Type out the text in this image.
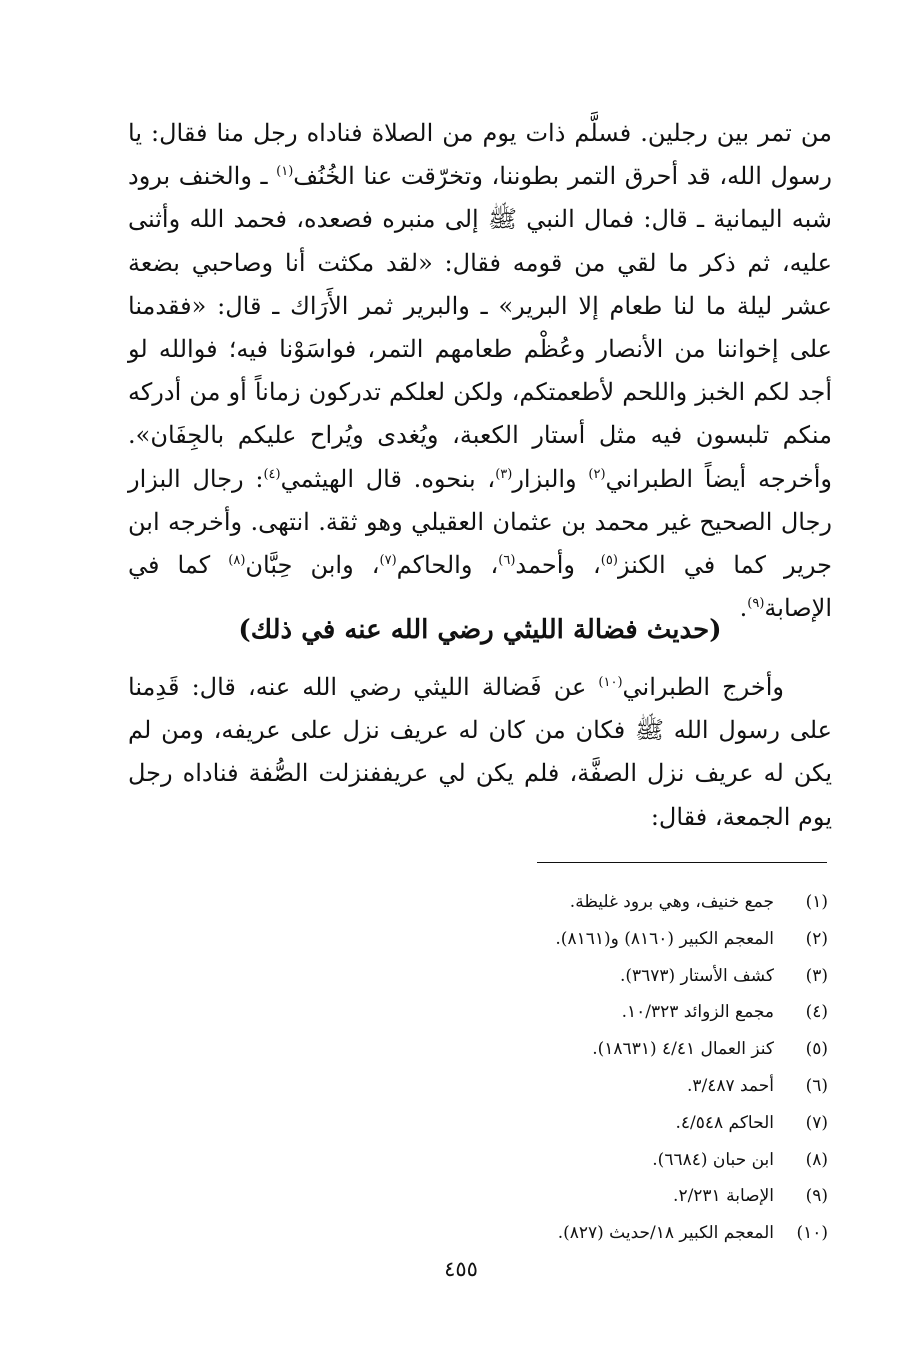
من تمر بين رجلين. فسلَّم ذات يوم من الصلاة فناداه رجل منا فقال: يا رسول الله، قد أحرق التمر بطوننا، وتخرّقت عنا الخُنُف$^{(١)}$ ـ والخنف برود شبه اليمانية ـ قال: فمال النبي ﷺ إلى منبره فصعده، فحمد الله وأثنى عليه، ثم ذكر ما لقي من قومه فقال: «لقد مكثت أنا وصاحبي بضعة عشر ليلة ما لنا طعام إلا البرير» ـ والبرير ثمر الأَرَاك ـ قال: «فقدمنا على إخواننا من الأنصار وعُظْم طعامهم التمر، فواسَوْنا فيه؛ فوالله لو أجد لكم الخبز واللحم لأطعمتكم، ولكن لعلكم تدركون زماناً أو من أدركه منكم تلبسون فيه مثل أستار الكعبة، ويُغدى ويُراح عليكم بالجِفَان». وأخرجه أيضاً الطبراني$^{(٢)}$ والبزار$^{(٣)}$، بنحوه. قال الهيثمي$^{(٤)}$: رجال البزار رجال الصحيح غير محمد بن عثمان العقيلي وهو ثقة. انتهى. وأخرجه ابن جرير كما في الكنز$^{(٥)}$، وأحمد$^{(٦)}$، والحاكم$^{(٧)}$، وابن حِبَّان$^{(٨)}$ كما في الإصابة$^{(٩)}$.

(حديث فضالة الليثي رضي الله عنه في ذلك)

  وأخرج الطبراني$^{(١٠)}$ عن فَضالة الليثي رضي الله عنه، قال: قَدِمنا على رسول الله ﷺ فكان من كان له عريف نزل على عريفه، ومن لم يكن له عريف نزل الصفَّة، فلم يكن لي عريففنزلت الصُّفة فناداه رجل يوم الجمعة، فقال:

(١)جمع خنيف، وهي برود غليظة.
(٢)المعجم الكبير (٨١٦٠) و(٨١٦١).
(٣)كشف الأستار (٣٦٧٣).
(٤)مجمع الزوائد ١٠/٣٢٣.
(٥)كنز العمال ٤/٤١ (١٨٦٣١).
(٦)أحمد ٣/٤٨٧.
(٧)الحاكم ٤/٥٤٨.
(٨)ابن حبان (٦٦٨٤).
(٩)الإصابة ٢/٢٣١.
(١٠)المعجم الكبير ١٨/حديث (٨٢٧).
٤٥٥
